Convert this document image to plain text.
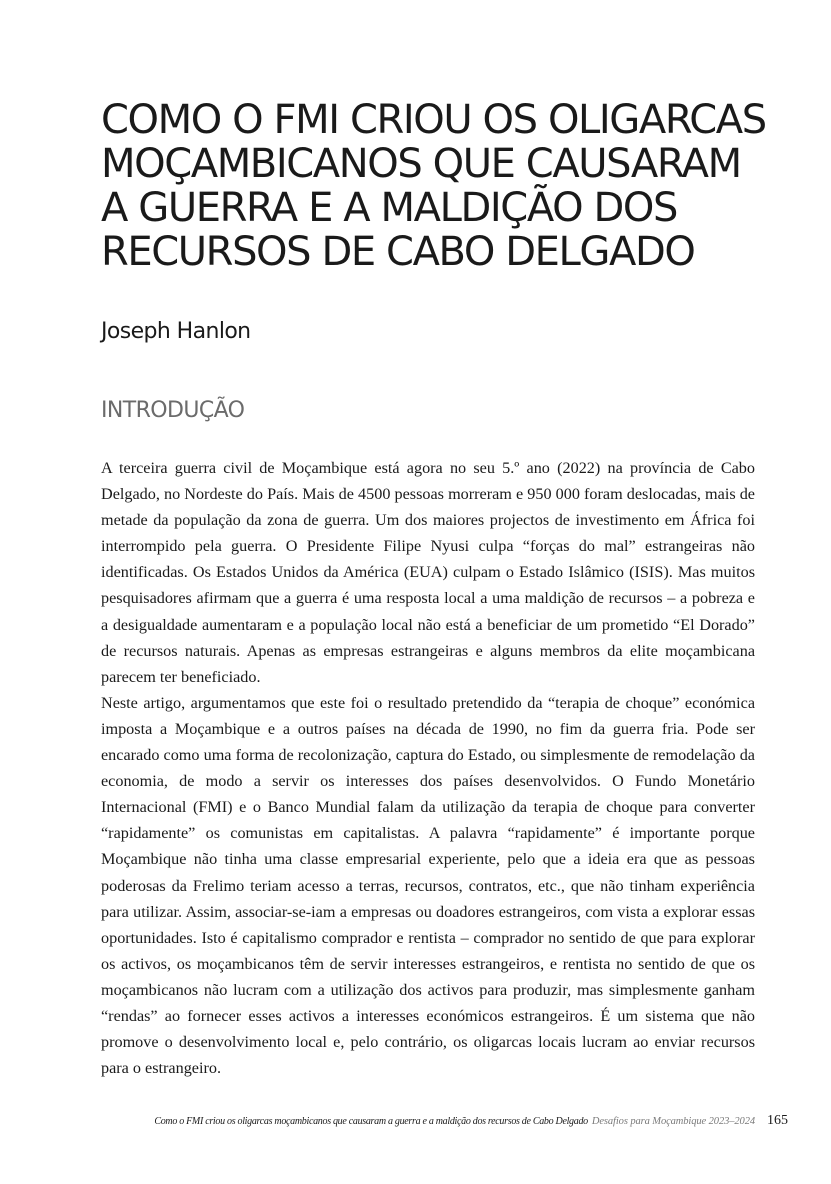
COMO O FMI CRIOU OS OLIGARCAS
MOÇAMBICANOS QUE CAUSARAM
A GUERRA E A MALDIÇÃO DOS
RECURSOS DE CABO DELGADO

Joseph Hanlon

INTRODUÇÃO

A terceira guerra civil de Moçambique está agora no seu 5.º ano (2022) na província de Cabo Delgado, no Nordeste do País. Mais de 4500 pessoas morreram e 950 000 foram deslocadas, mais de metade da população da zona de guerra. Um dos maiores projectos de investimento em África foi interrompido pela guerra. O Presidente Filipe Nyusi culpa “forças do mal” estrangeiras não identificadas. Os Estados Unidos da América (EUA) culpam o Estado Islâmico (ISIS). Mas muitos pesquisadores afirmam que a guerra é uma resposta local a uma maldição de recursos – a pobreza e a desigualdade aumentaram e a população local não está a beneficiar de um prometido “El Dorado” de recursos naturais. Apenas as empresas estrangeiras e alguns membros da elite moçambicana parecem ter beneficiado.

Neste artigo, argumentamos que este foi o resultado pretendido da “terapia de choque” económica imposta a Moçambique e a outros países na década de 1990, no fim da guerra fria. Pode ser encarado como uma forma de recolonização, captura do Estado, ou simplesmente de remodelação da economia, de modo a servir os interesses dos países desenvolvidos. O Fundo Monetário Internacional (FMI) e o Banco Mundial falam da utilização da terapia de choque para converter “rapidamente” os comunistas em capitalistas. A palavra “rapidamente” é importante porque Moçambique não tinha uma classe empresarial experiente, pelo que a ideia era que as pessoas poderosas da Frelimo teriam acesso a terras, recursos, contratos, etc., que não tinham experiência para utilizar. Assim, associar-se-iam a empresas ou doadores estrangeiros, com vista a explorar essas oportunidades. Isto é capitalismo comprador e rentista – comprador no sentido de que para explorar os activos, os moçambicanos têm de servir interesses estrangeiros, e rentista no sentido de que os moçambicanos não lucram com a utilização dos activos para produzir, mas simplesmente ganham “rendas” ao fornecer esses activos a interesses económicos estrangeiros. É um sistema que não promove o desenvolvimento local e, pelo contrário, os oligarcas locais lucram ao enviar recursos para o estrangeiro.

Como o FMI criou os oligarcas moçambicanos que causaram a guerra e a maldição dos recursos de Cabo Delgado Desafios para Moçambique 2023–2024 165
